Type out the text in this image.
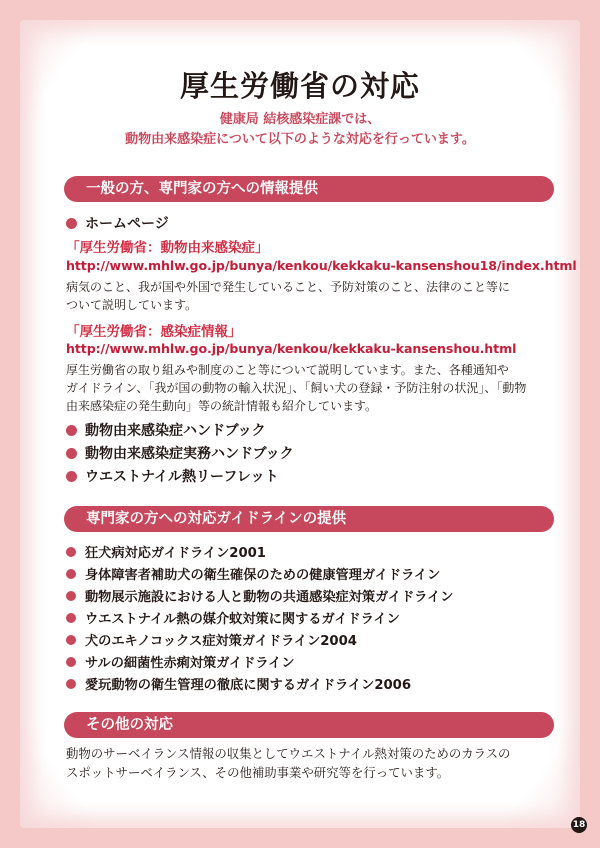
厚生労働省の対応
健康局 結核感染症課では、
動物由来感染症について以下のような対応を行っています。
一般の方、専門家の方への情報提供
ホームページ
「厚生労働省：動物由来感染症」
http://www.mhlw.go.jp/bunya/kenkou/kekkaku-kansenshou18/index.html
病気のこと、我が国や外国で発生していること、予防対策のこと、法律のこと等に
ついて説明しています。
「厚生労働省：感染症情報」
http://www.mhlw.go.jp/bunya/kenkou/kekkaku-kansenshou.html
厚生労働省の取り組みや制度のこと等について説明しています。また、各種通知や
ガイドライン、「我が国の動物の輸入状況」、「飼い犬の登録・予防注射の状況」、「動物
由来感染症の発生動向」等の統計情報も紹介しています。
動物由来感染症ハンドブック
動物由来感染症実務ハンドブック
ウエストナイル熱リーフレット
専門家の方への対応ガイドラインの提供
狂犬病対応ガイドライン2001
身体障害者補助犬の衛生確保のための健康管理ガイドライン
動物展示施設における人と動物の共通感染症対策ガイドライン
ウエストナイル熱の媒介蚊対策に関するガイドライン
犬のエキノコックス症対策ガイドライン2004
サルの細菌性赤痢対策ガイドライン
愛玩動物の衛生管理の徹底に関するガイドライン2006
その他の対応
動物のサーベイランス情報の収集としてウエストナイル熱対策のためのカラスの
スポットサーベイランス、その他補助事業や研究等を行っています。
18
